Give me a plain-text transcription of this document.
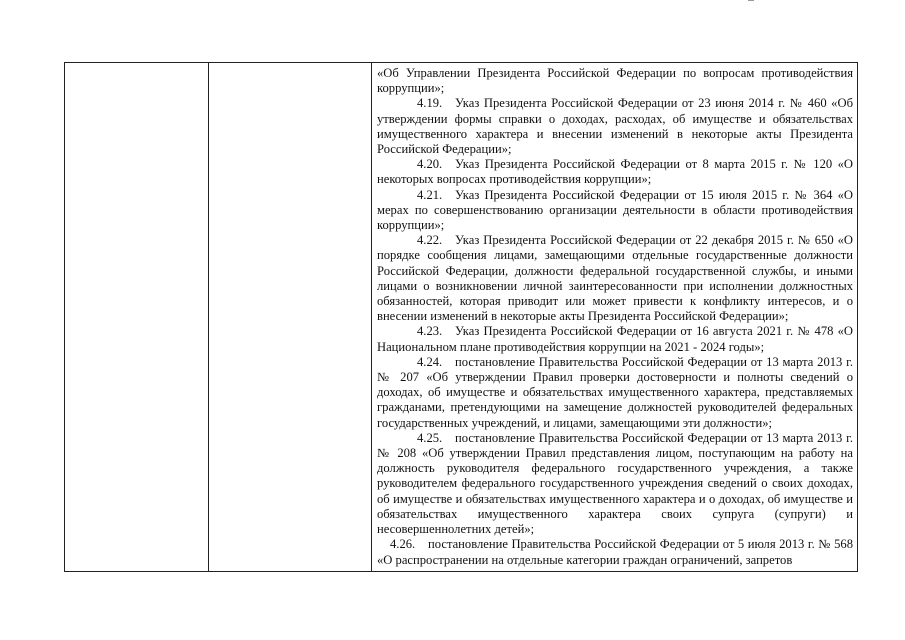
«Об Управлении Президента Российской Федерации по вопросам противодействия коррупции»;

4.19. Указ Президента Российской Федерации от 23 июня 2014 г. № 460 «Об утверждении формы справки о доходах, расходах, об имуществе и обязательствах имущественного характера и внесении изменений в некоторые акты Президента Российской Федерации»;

4.20. Указ Президента Российской Федерации от 8 марта 2015 г. № 120 «О некоторых вопросах противодействия коррупции»;

4.21. Указ Президента Российской Федерации от 15 июля 2015 г. № 364 «О мерах по совершенствованию организации деятельности в области противодействия коррупции»;

4.22. Указ Президента Российской Федерации от 22 декабря 2015 г. № 650 «О порядке сообщения лицами, замещающими отдельные государственные должности Российской Федерации, должности федеральной государственной службы, и иными лицами о возникновении личной заинтересованности при исполнении должностных обязанностей, которая приводит или может привести к конфликту интересов, и о внесении изменений в некоторые акты Президента Российской Федерации»;

4.23. Указ Президента Российской Федерации от 16 августа 2021 г. № 478 «О Национальном плане противодействия коррупции на 2021 - 2024 годы»;

4.24. постановление Правительства Российской Федерации от 13 марта 2013 г. № 207 «Об утверждении Правил проверки достоверности и полноты сведений о доходах, об имуществе и обязательствах имущественного характера, представляемых гражданами, претендующими на замещение должностей руководителей федеральных государственных учреждений, и лицами, замещающими эти должности»;

4.25. постановление Правительства Российской Федерации от 13 марта 2013 г. № 208 «Об утверждении Правил представления лицом, поступающим на работу на должность руководителя федерального государственного учреждения, а также руководителем федерального государственного учреждения сведений о своих доходах, об имуществе и обязательствах имущественного характера и о доходах, об имуществе и обязательствах имущественного характера своих супруга (супруги) и несовершеннолетних детей»;

4.26. постановление Правительства Российской Федерации от 5 июля 2013 г. № 568 «О распространении на отдельные категории граждан ограничений, запретов
